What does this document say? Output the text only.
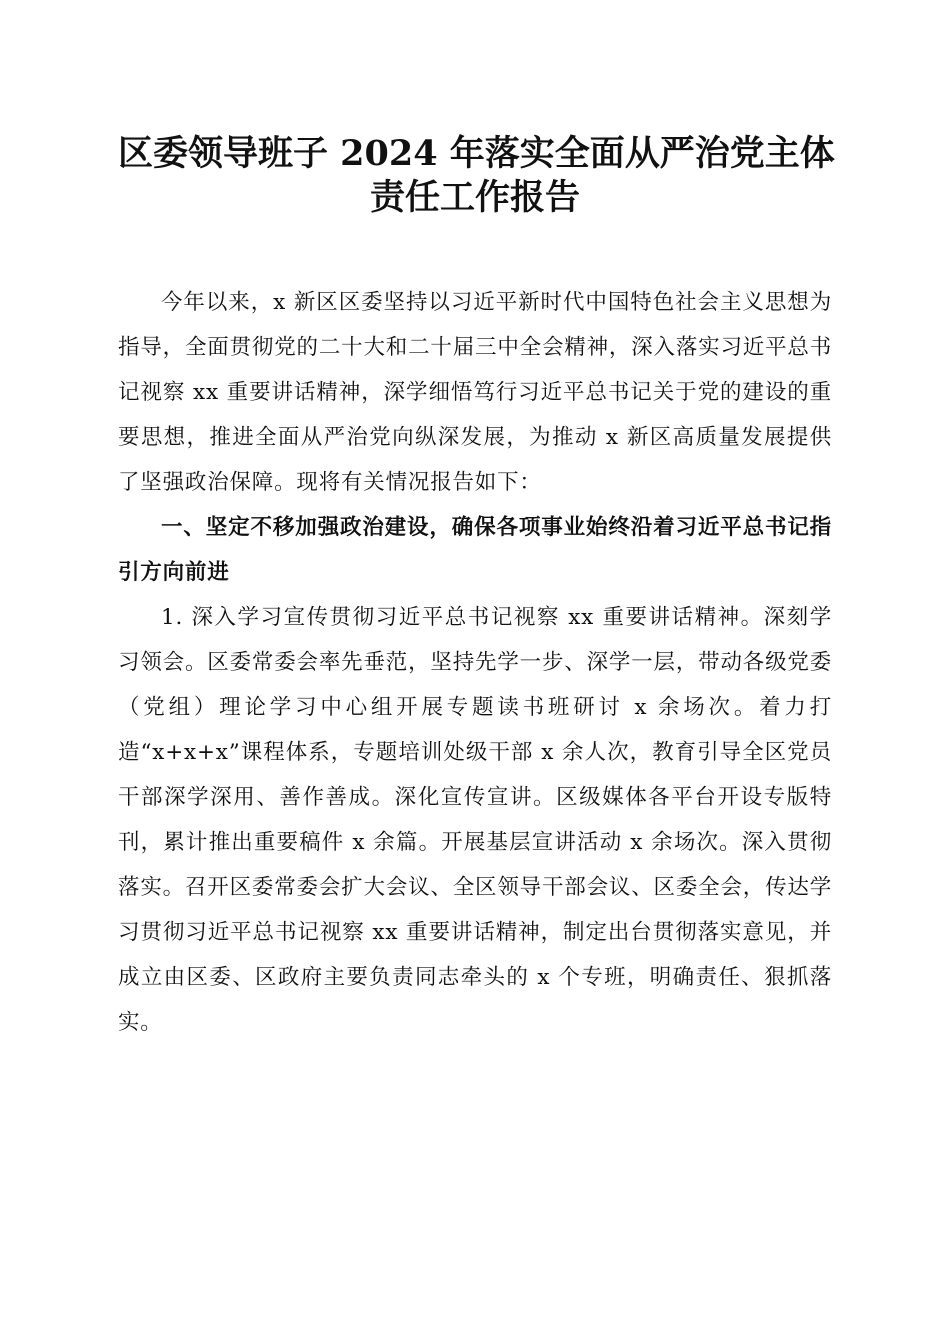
区委领导班子 2024 年落实全面从严治党主体
责任工作报告

今年以来，x 新区区委坚持以习近平新时代中国特色社会主义思想为指导，全面贯彻党的二十大和二十届三中全会精神，深入落实习近平总书记视察 xx 重要讲话精神，深学细悟笃行习近平总书记关于党的建设的重要思想，推进全面从严治党向纵深发展，为推动 x 新区高质量发展提供了坚强政治保障。现将有关情况报告如下：

一、坚定不移加强政治建设，确保各项事业始终沿着习近平总书记指引方向前进

1. 深入学习宣传贯彻习近平总书记视察 xx 重要讲话精神。深刻学习领会。区委常委会率先垂范，坚持先学一步、深学一层，带动各级党委（党组）理论学习中心组开展专题读书班研讨 x 余场次。着力打造“x+x+x”课程体系，专题培训处级干部 x 余人次，教育引导全区党员干部深学深用、善作善成。深化宣传宣讲。区级媒体各平台开设专版特刊，累计推出重要稿件 x 余篇。开展基层宣讲活动 x 余场次。深入贯彻落实。召开区委常委会扩大会议、全区领导干部会议、区委全会，传达学习贯彻习近平总书记视察 xx 重要讲话精神，制定出台贯彻落实意见，并成立由区委、区政府主要负责同志牵头的 x 个专班，明确责任、狠抓落实。
